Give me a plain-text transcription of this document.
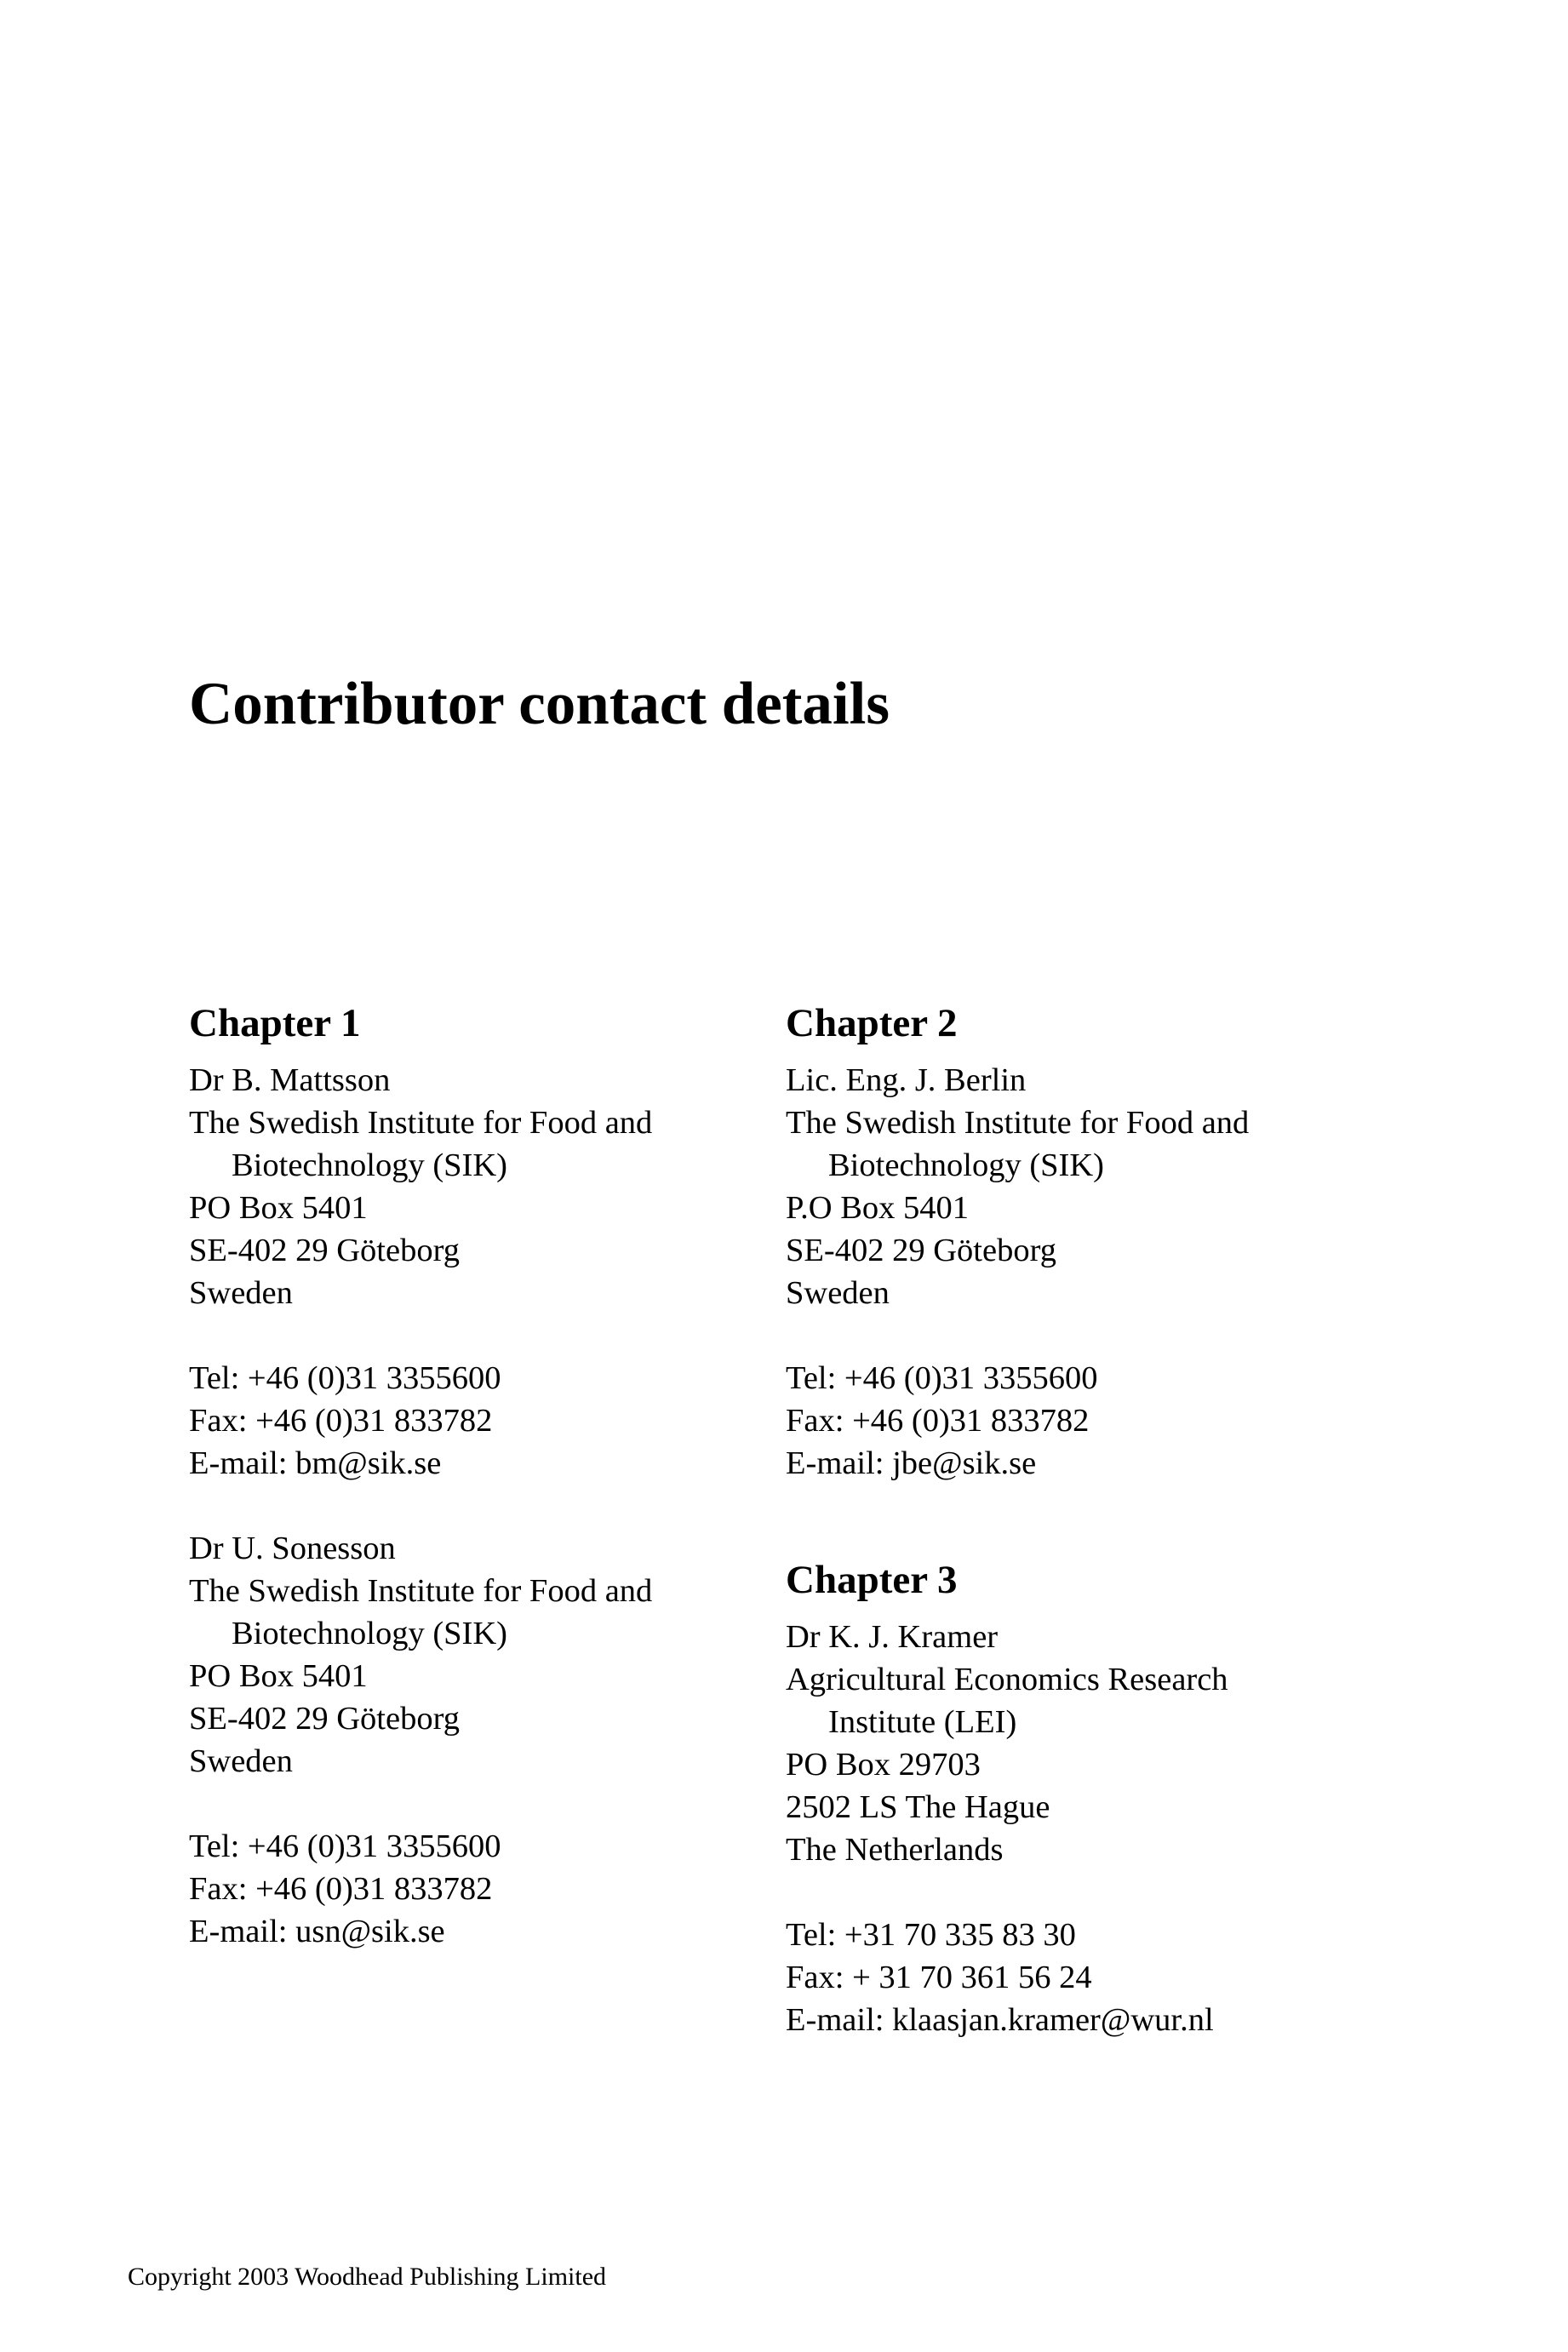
Contributor contact details
Chapter 1
Dr B. Mattsson
The Swedish Institute for Food and
Biotechnology (SIK)
PO Box 5401
SE-402 29 Göteborg
Sweden
Tel: +46 (0)31 3355600
Fax: +46 (0)31 833782
E-mail: bm@sik.se
Dr U. Sonesson
The Swedish Institute for Food and
Biotechnology (SIK)
PO Box 5401
SE-402 29 Göteborg
Sweden
Tel: +46 (0)31 3355600
Fax: +46 (0)31 833782
E-mail: usn@sik.se
Chapter 2
Lic. Eng. J. Berlin
The Swedish Institute for Food and
Biotechnology (SIK)
P.O Box 5401
SE-402 29 Göteborg
Sweden
Tel: +46 (0)31 3355600
Fax: +46 (0)31 833782
E-mail: jbe@sik.se
Chapter 3
Dr K. J. Kramer
Agricultural Economics Research
Institute (LEI)
PO Box 29703
2502 LS The Hague
The Netherlands
Tel: +31 70 335 83 30
Fax: + 31 70 361 56 24
E-mail: klaasjan.kramer@wur.nl

Copyright 2003 Woodhead Publishing Limited
